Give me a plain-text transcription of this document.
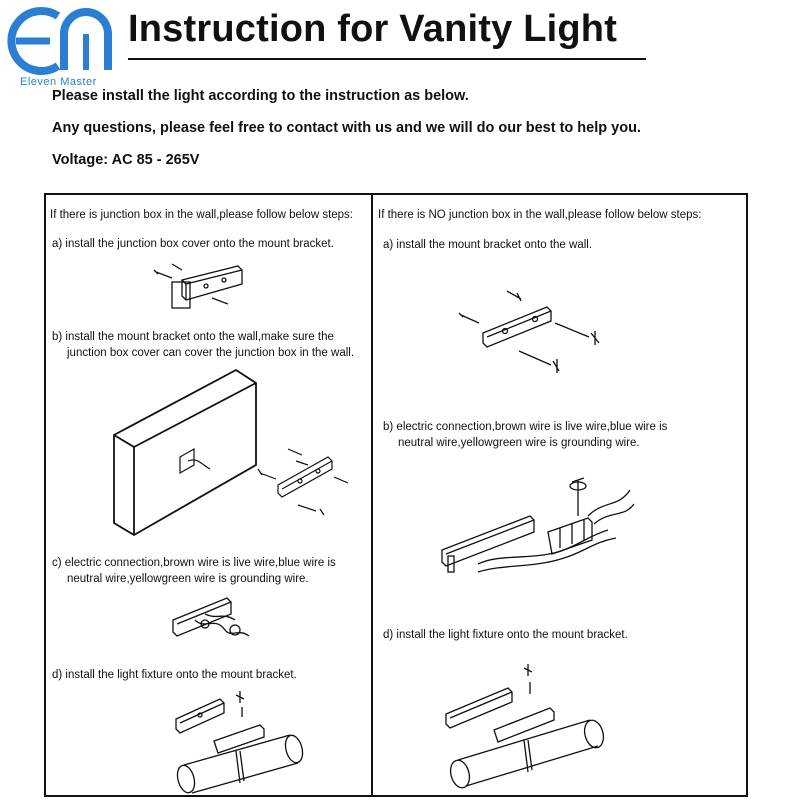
Eleven Master
Instruction for Vanity Light
Please install the light according to the instruction as below.
Any questions, please feel free to contact with us and we will do our best to help you.
Voltage: AC 85 - 265V
If there is junction box in the wall,please follow below steps:
a) install the junction box cover onto the mount bracket.
b) install the mount bracket onto the wall,make sure the
junction box cover can cover the junction box in the wall.
c) electric connection,brown wire is live wire,blue wire is
neutral wire,yellowgreen wire is grounding wire.
d) install the light fixture onto the mount bracket.
If there is NO junction box in the wall,please follow below steps:
a) install the mount bracket onto the wall.
b) electric connection,brown wire is live wire,blue wire is
neutral wire,yellowgreen wire is grounding wire.
d) install the light fixture onto the mount bracket.
